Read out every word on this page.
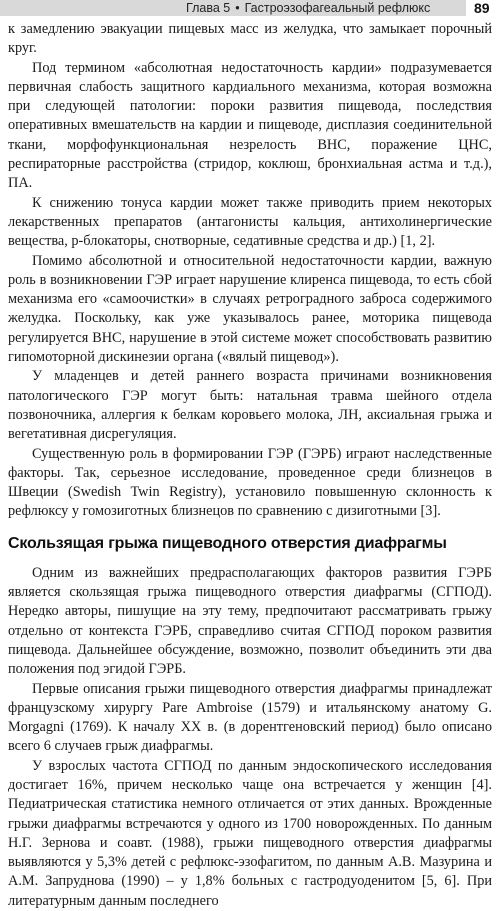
Глава 5 • Гастроэзофагеальный рефлюкс	89

к замедлению эвакуации пищевых масс из желудка, что замыкает порочный круг.

Под термином «абсолютная недостаточность кардии» подразумевается первичная слабость защитного кардиального механизма, которая возможна при следующей патологии: пороки развития пищевода, последствия оперативных вмешательств на кардии и пищеводе, дисплазия соединительной ткани, морфофункциональная незрелость ВНС, поражение ЦНС, респираторные расстройства (стридор, коклюш, бронхиальная астма и т.д.), ПА.

К снижению тонуса кардии может также приводить прием некоторых лекарственных препаратов (антагонисты кальция, антихолинергические вещества, р-блокаторы, снотворные, седативные средства и др.) [1, 2].

Помимо абсолютной и относительной недостаточности кардии, важную роль в возникновении ГЭР играет нарушение клиренса пищевода, то есть сбой механизма его «самоочистки» в случаях ретроградного заброса содержимого желудка. Поскольку, как уже указывалось ранее, моторика пищевода регулируется ВНС, нарушение в этой системе может способствовать развитию гипомоторной дискинезии органа («вялый пищевод»).

У младенцев и детей раннего возраста причинами возникновения патологического ГЭР могут быть: натальная травма шейного отдела позвоночника, аллергия к белкам коровьего молока, ЛН, аксиальная грыжа и вегетативная дисрегуляция.

Существенную роль в формировании ГЭР (ГЭРБ) играют наследственные факторы. Так, серьезное исследование, проведенное среди близнецов в Швеции (Swedish Twin Registry), установило повышенную склонность к рефлюксу у гомозиготных близнецов по сравнению с дизиготными [3].

Скользящая грыжа пищеводного отверстия диафрагмы

Одним из важнейших предрасполагающих факторов развития ГЭРБ является скользящая грыжа пищеводного отверстия диафрагмы (СГПОД). Нередко авторы, пишущие на эту тему, предпочитают рассматривать грыжу отдельно от контекста ГЭРБ, справедливо считая СГПОД пороком развития пищевода. Дальнейшее обсуждение, возможно, позволит объединить эти два положения под эгидой ГЭРБ.

Первые описания грыжи пищеводного отверстия диафрагмы принадлежат французскому хирургу Pare Ambroise (1579) и итальянскому анатому G. Morgagni (1769). К началу XX в. (в дорентгеновский период) было описано всего 6 случаев грыж диафрагмы.

У взрослых частота СГПОД по данным эндоскопического исследования достигает 16%, причем несколько чаще она встречается у женщин [4]. Педиатрическая статистика немного отличается от этих данных. Врожденные грыжи диафрагмы встречаются у одного из 1700 новорожденных. По данным Н.Г. Зернова и соавт. (1988), грыжи пищеводного отверстия диафрагмы выявляются у 5,3% детей с рефлюкс-эзофагитом, по данным А.В. Мазурина и А.М. Запруднова (1990) – у 1,8% больных с гастродуоденитом [5, 6]. При литературным данным последнего
